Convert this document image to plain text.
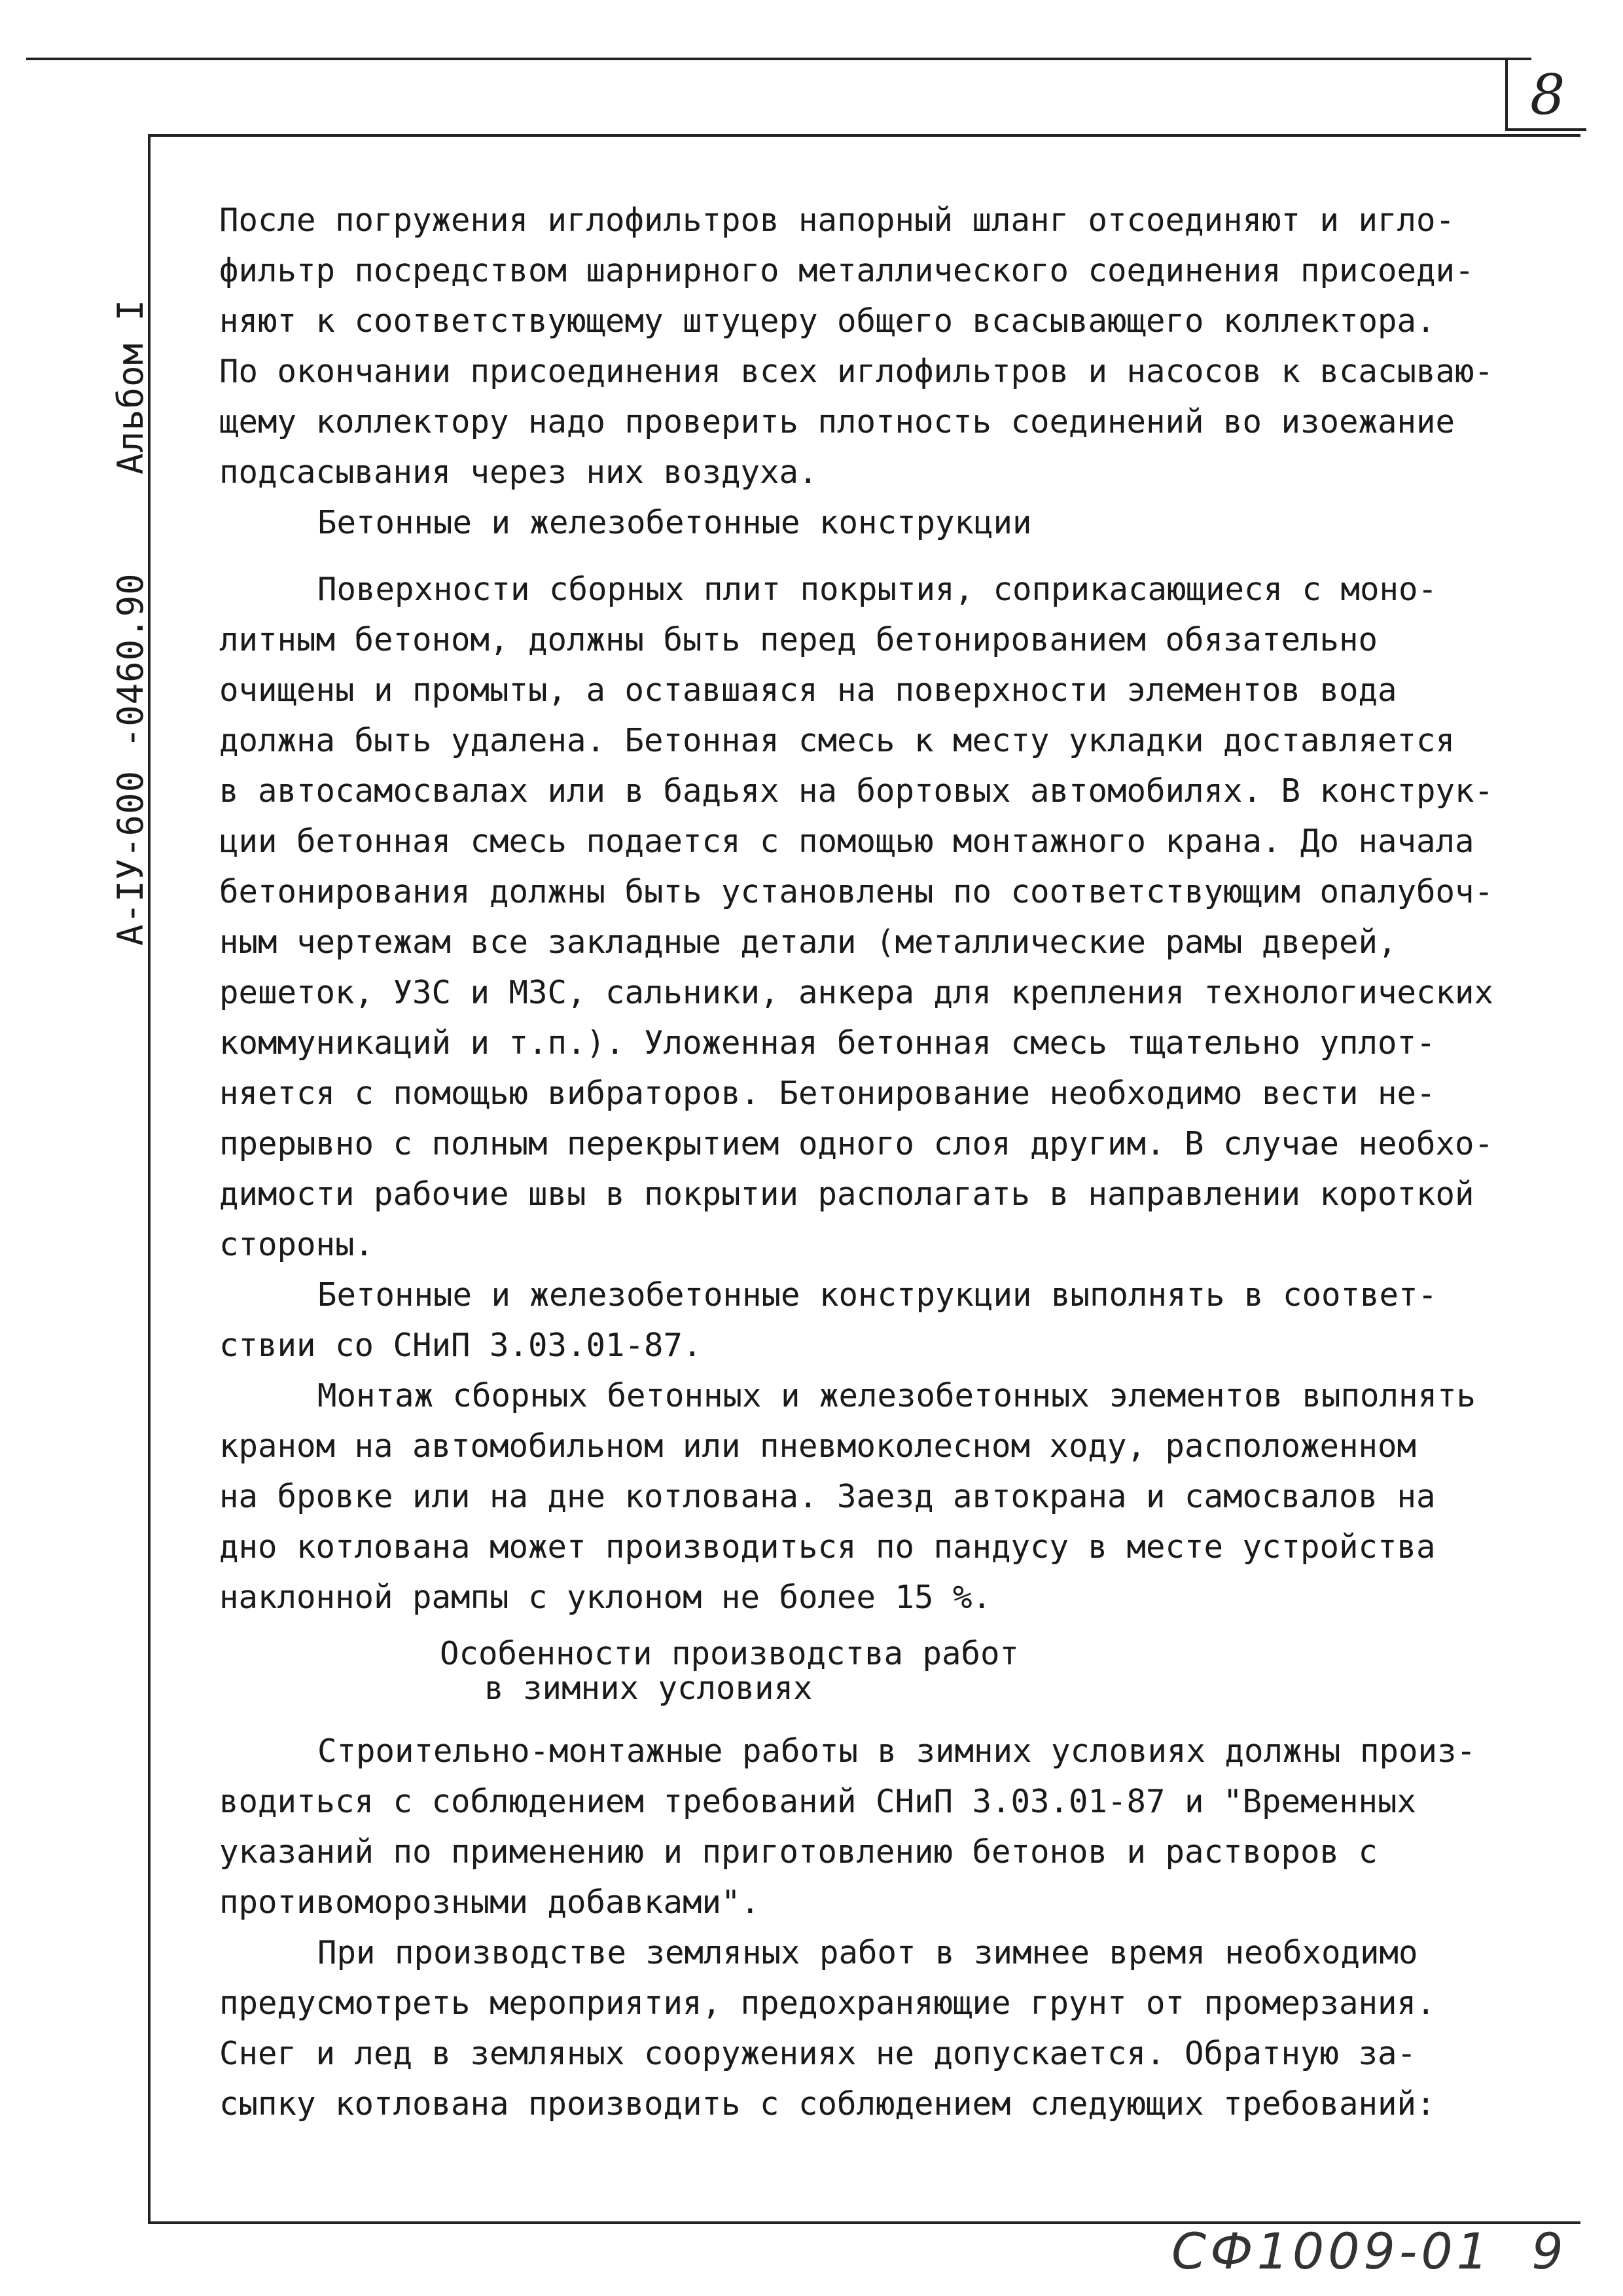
8
Альбом I
А-IУ-600 -0460.90
После погружения иглофильтров напорный шланг отсоединяют и игло-
фильтр посредством шарнирного металлического соединения присоеди-
няют к соответствующему штуцеру общего всасывающего коллектора.
По окончании присоединения всех иглофильтров и насосов к всасываю-
щему коллектору надо проверить плотность соединений во изоежание
подсасывания через них воздуха.
Бетонные и железобетонные конструкции
Поверхности сборных плит покрытия, соприкасающиеся с моно-
литным бетоном, должны быть перед бетонированием обязательно
очищены и промыты, а оставшаяся на поверхности элементов вода
должна быть удалена. Бетонная смесь к месту укладки доставляется
в автосамосвалах или в бадьях на бортовых автомобилях. В конструк-
ции бетонная смесь подается с помощью монтажного крана. До начала
бетонирования должны быть установлены по соответствующим опалубоч-
ным чертежам все закладные детали (металлические рамы дверей,
решеток, УЗС и МЗС, сальники, анкера для крепления технологических
коммуникаций и т.п.). Уложенная бетонная смесь тщательно уплот-
няется с помощью вибраторов. Бетонирование необходимо вести не-
прерывно с полным перекрытием одного слоя другим. В случае необхо-
димости рабочие швы в покрытии располагать в направлении короткой
стороны.
Бетонные и железобетонные конструкции выполнять в соответ-
ствии со СНиП 3.03.01-87.
Монтаж сборных бетонных и железобетонных элементов выполнять
краном на автомобильном или пневмоколесном ходу, расположенном
на бровке или на дне котлована. Заезд автокрана и самосвалов на
дно котлована может производиться по пандусу в месте устройства
наклонной рампы с уклоном не более 15 %.
Особенности производства работ
в зимних условиях
Строительно-монтажные работы в зимних условиях должны произ-
водиться с соблюдением требований СНиП 3.03.01-87 и "Временных
указаний по применению и приготовлению бетонов и растворов с
противоморозными добавками".
При производстве земляных работ в зимнее время необходимо
предусмотреть мероприятия, предохраняющие грунт от промерзания.
Снег и лед в земляных сооружениях не допускается. Обратную за-
сыпку котлована производить с соблюдением следующих требований:
СФ1009-01  9
